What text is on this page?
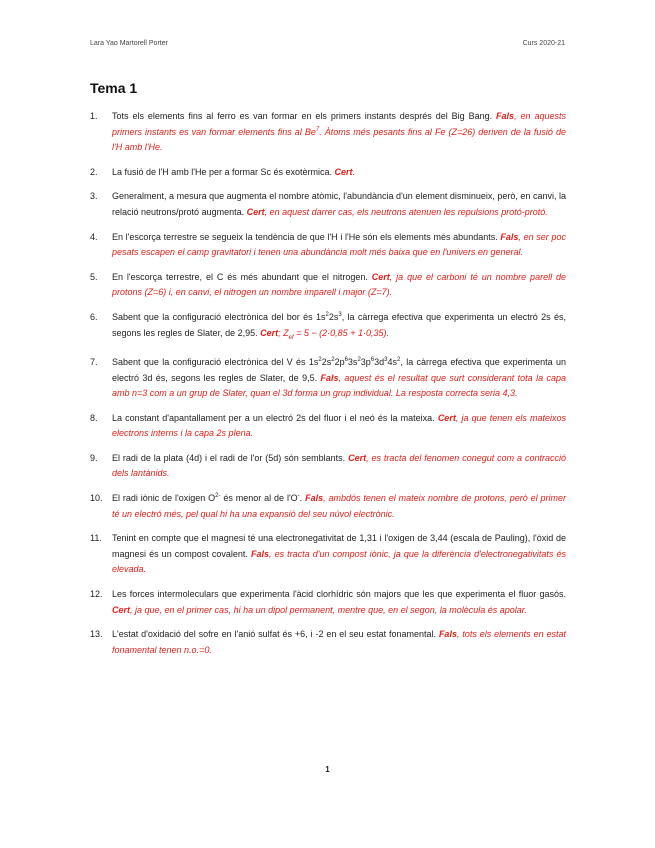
Lara Yao Martorell Porter	Curs 2020-21
Tema 1
1.	Tots els elements fins al ferro es van formar en els primers instants després del Big Bang. Fals, en aquests primers instants es van formar elements fins al Be$^7$. Àtoms més pesants fins al Fe (Z=26) deriven de la fusió de l'H amb l'He.
2.	La fusió de l'H amb l'He per a formar Sc és exotèrmica. Cert.
3.	Generalment, a mesura que augmenta el nombre atòmic, l'abundància d'un element disminueix, però, en canvi, la relació neutrons/protó augmenta. Cert, en aquest darrer cas, els neutrons atenuen les repulsions protó-protó.
4.	En l'escorça terrestre se segueix la tendència de que l'H i l'He són els elements més abundants. Fals, en ser poc pesats escapen el camp gravitatori i tenen una abundància molt més baixa que en l'univers en general.
5.	En l'escorça terrestre, el C és més abundant que el nitrogen. Cert, ja que el carboni té un nombre parell de protons (Z=6) i, en canvi, el nitrogen un nombre imparell i major (Z=7).
6.	Sabent que la configuració electrònica del bor és $1s^22s^3$, la càrrega efectiva que experimenta un electró 2s és, segons les regles de Slater, de 2,95. Cert; $Z_{ef} = 5 - (2\cdot 0,85 + 1\cdot 0,35)$.
7.	Sabent que la configuració electrònica del V és $1s^22s^22p^63s^23p^63d^34s^2$, la càrrega efectiva que experimenta un electró 3d és, segons les regles de Slater, de 9,5. Fals, aquest és el resultat que surt considerant tota la capa amb n=3 com a un grup de Slater, quan el 3d forma un grup individual. La resposta correcta seria 4,3.
8.	La constant d'apantallament per a un electró 2s del fluor i el neó és la mateixa. Cert, ja que tenen els mateixos electrons interns i la capa 2s plena.
9.	El radi de la plata (4d) i el radi de l'or (5d) són semblants. Cert, es tracta del fenomen conegut com a contracció dels lantànids.
10.	El radi iònic de l'oxigen $O^{2-}$ és menor al de l'O-. Fals, ambdós tenen el mateix nombre de protons, però el primer té un electró més, pel qual hi ha una expansió del seu núvol electrònic.
11.	Tenint en compte que el magnesi té una electronegativitat de 1,31 i l'oxigen de 3,44 (escala de Pauling), l'òxid de magnesi és un compost covalent. Fals, es tracta d'un compost iònic, ja que la diferència d'electronegativitats és elevada.
12.	Les forces intermoleculars que experimenta l'àcid clorhídric són majors que les que experimenta el fluor gasós. Cert, ja que, en el primer cas, hi ha un dipol permanent, mentre que, en el segon, la molècula és apolar.
13.	L'estat d'oxidació del sofre en l'anió sulfat és +6, i -2 en el seu estat fonamental. Fals, tots els elements en estat fonamental tenen n.o.=0.
1
